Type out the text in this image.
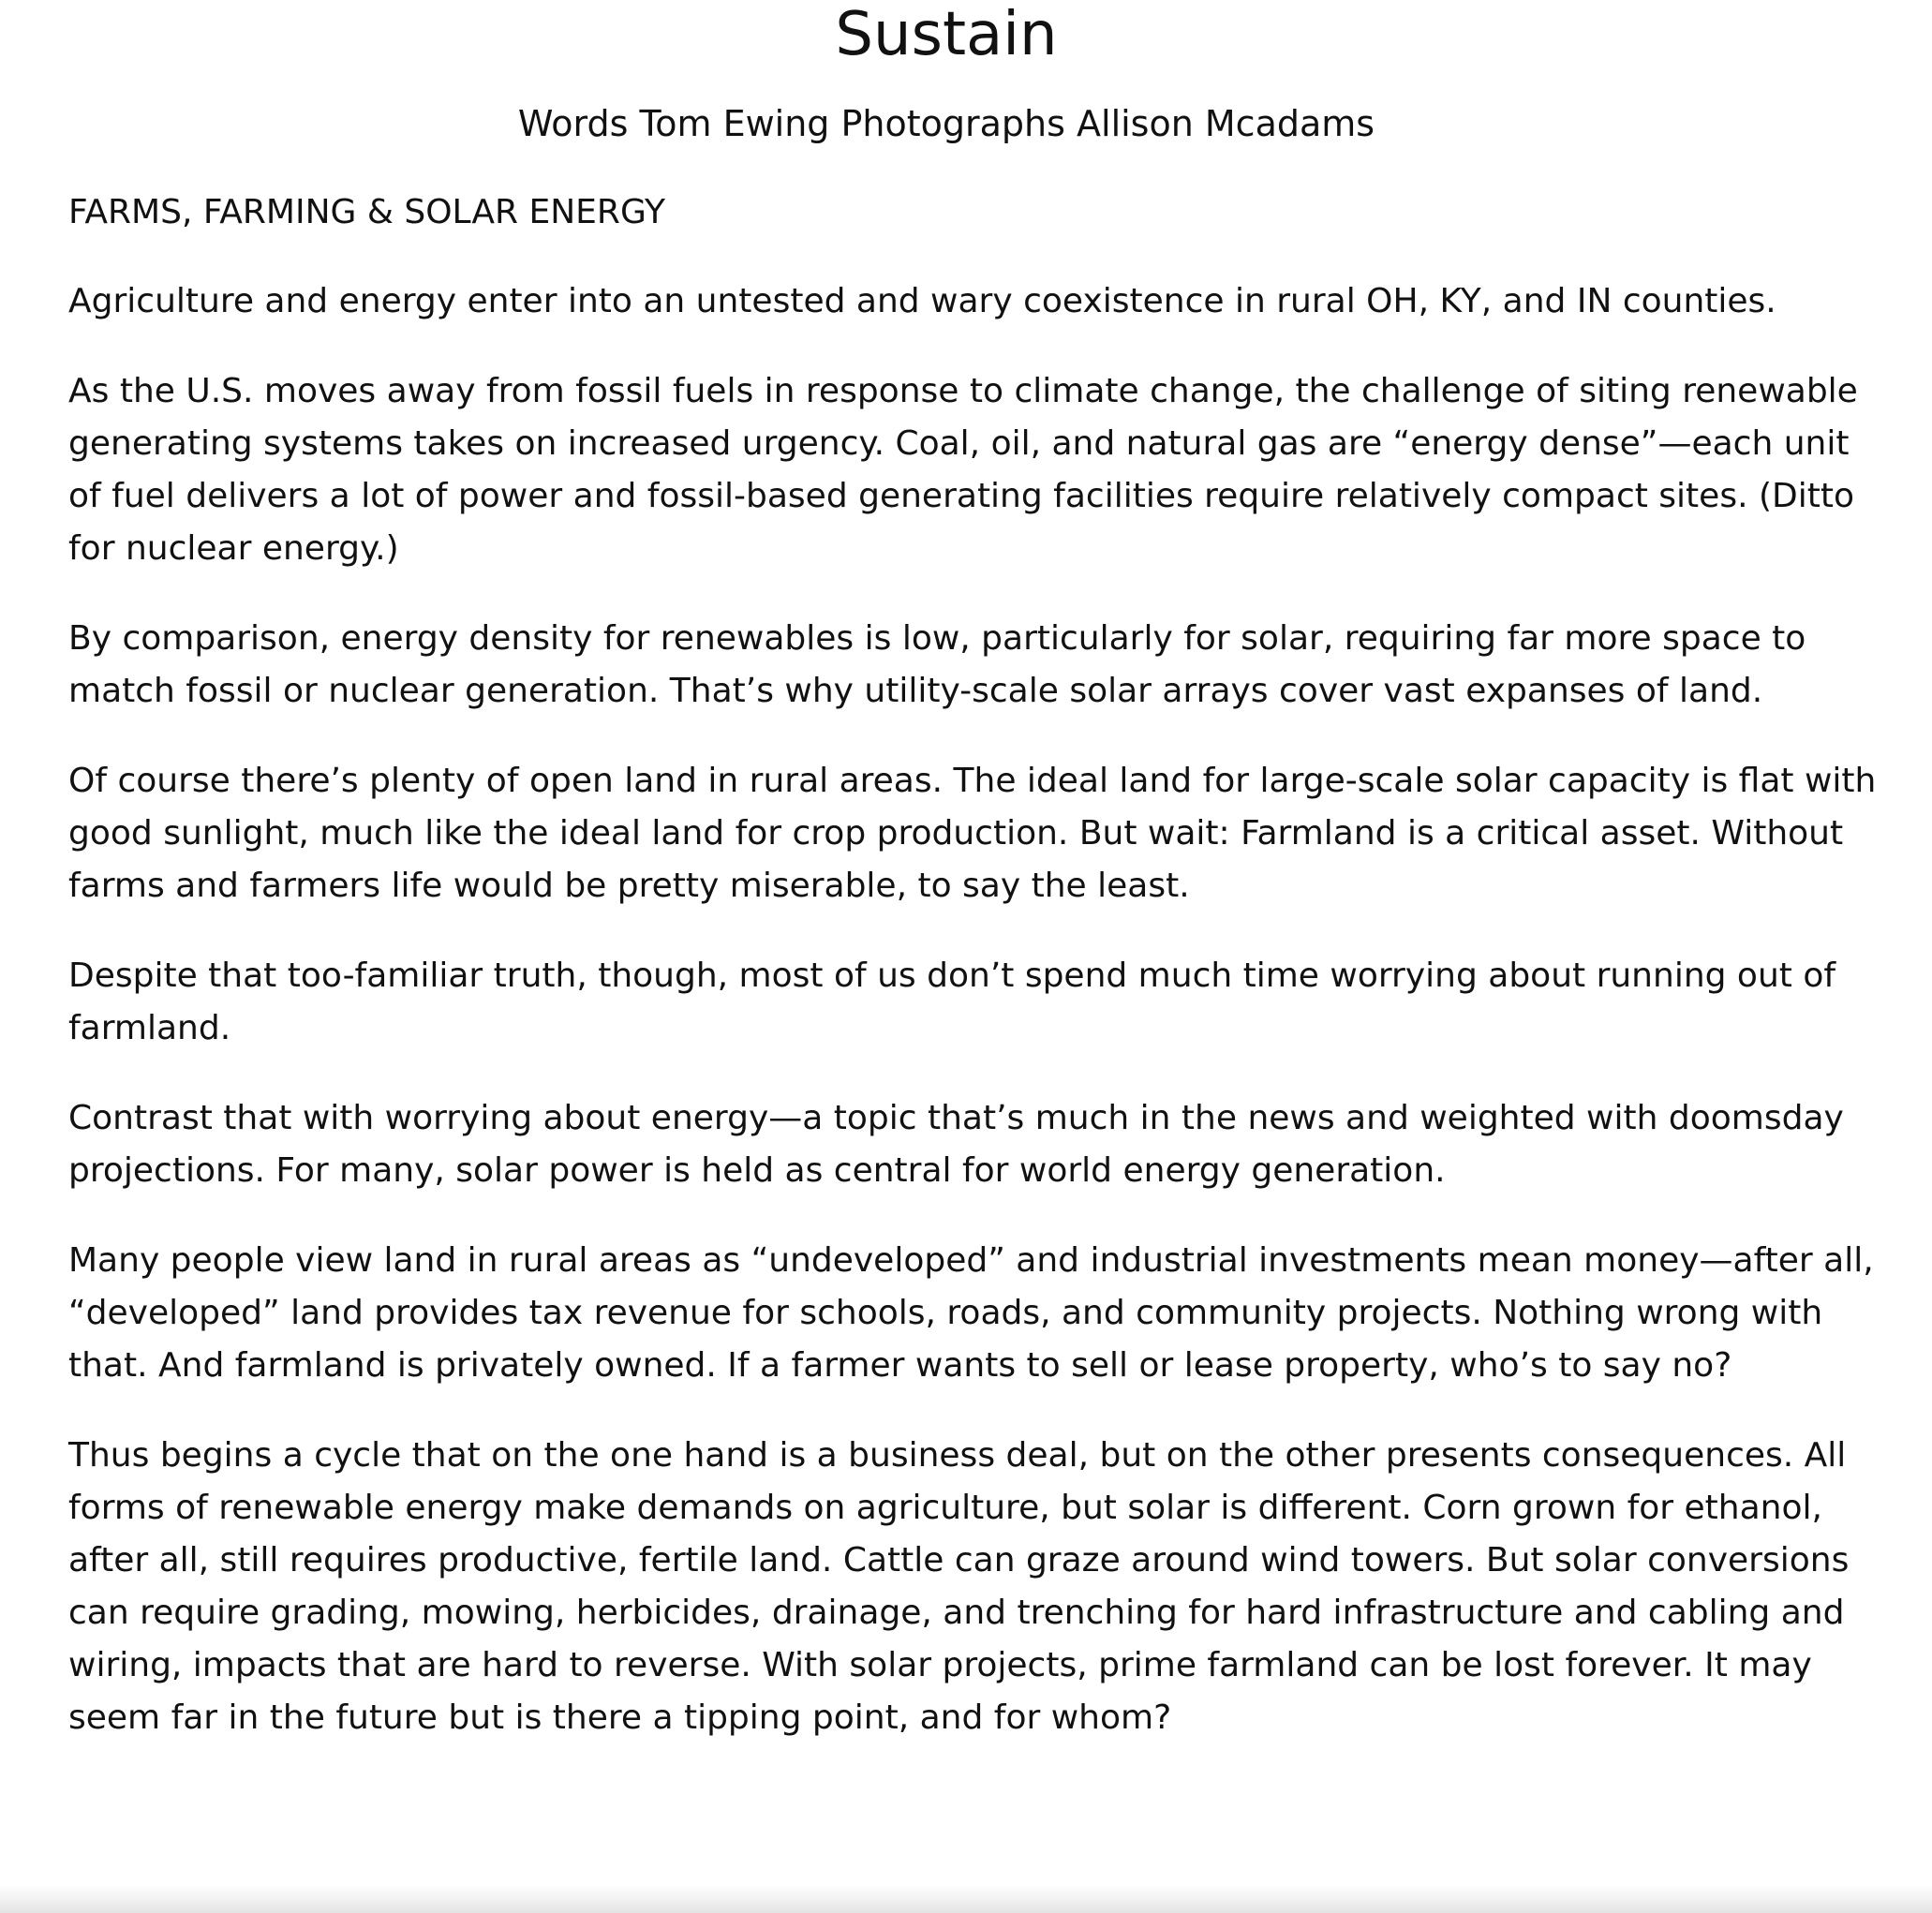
Sustain

Words Tom Ewing Photographs Allison Mcadams

FARMS, FARMING & SOLAR ENERGY

Agriculture and energy enter into an untested and wary coexistence in rural OH, KY, and IN counties.

As the U.S. moves away from fossil fuels in response to climate change, the challenge of siting renewable generating systems takes on increased urgency. Coal, oil, and natural gas are “energy dense”—each unit of fuel delivers a lot of power and fossil-based generating facilities require relatively compact sites. (Ditto for nuclear energy.)

By comparison, energy density for renewables is low, particularly for solar, requiring far more space to match fossil or nuclear generation. That’s why utility-scale solar arrays cover vast expanses of land.

Of course there’s plenty of open land in rural areas. The ideal land for large-scale solar capacity is flat with good sunlight, much like the ideal land for crop production. But wait: Farmland is a critical asset. Without farms and farmers life would be pretty miserable, to say the least.

Despite that too-familiar truth, though, most of us don’t spend much time worrying about running out of farmland.

Contrast that with worrying about energy—a topic that’s much in the news and weighted with doomsday projections. For many, solar power is held as central for world energy generation.

Many people view land in rural areas as “undeveloped” and industrial investments mean money—after all, “developed” land provides tax revenue for schools, roads, and community projects. Nothing wrong with that. And farmland is privately owned. If a farmer wants to sell or lease property, who’s to say no?

Thus begins a cycle that on the one hand is a business deal, but on the other presents consequences. All forms of renewable energy make demands on agriculture, but solar is different. Corn grown for ethanol, after all, still requires productive, fertile land. Cattle can graze around wind towers. But solar conversions can require grading, mowing, herbicides, drainage, and trenching for hard infrastructure and cabling and wiring, impacts that are hard to reverse. With solar projects, prime farmland can be lost forever. It may seem far in the future but is there a tipping point, and for whom?
